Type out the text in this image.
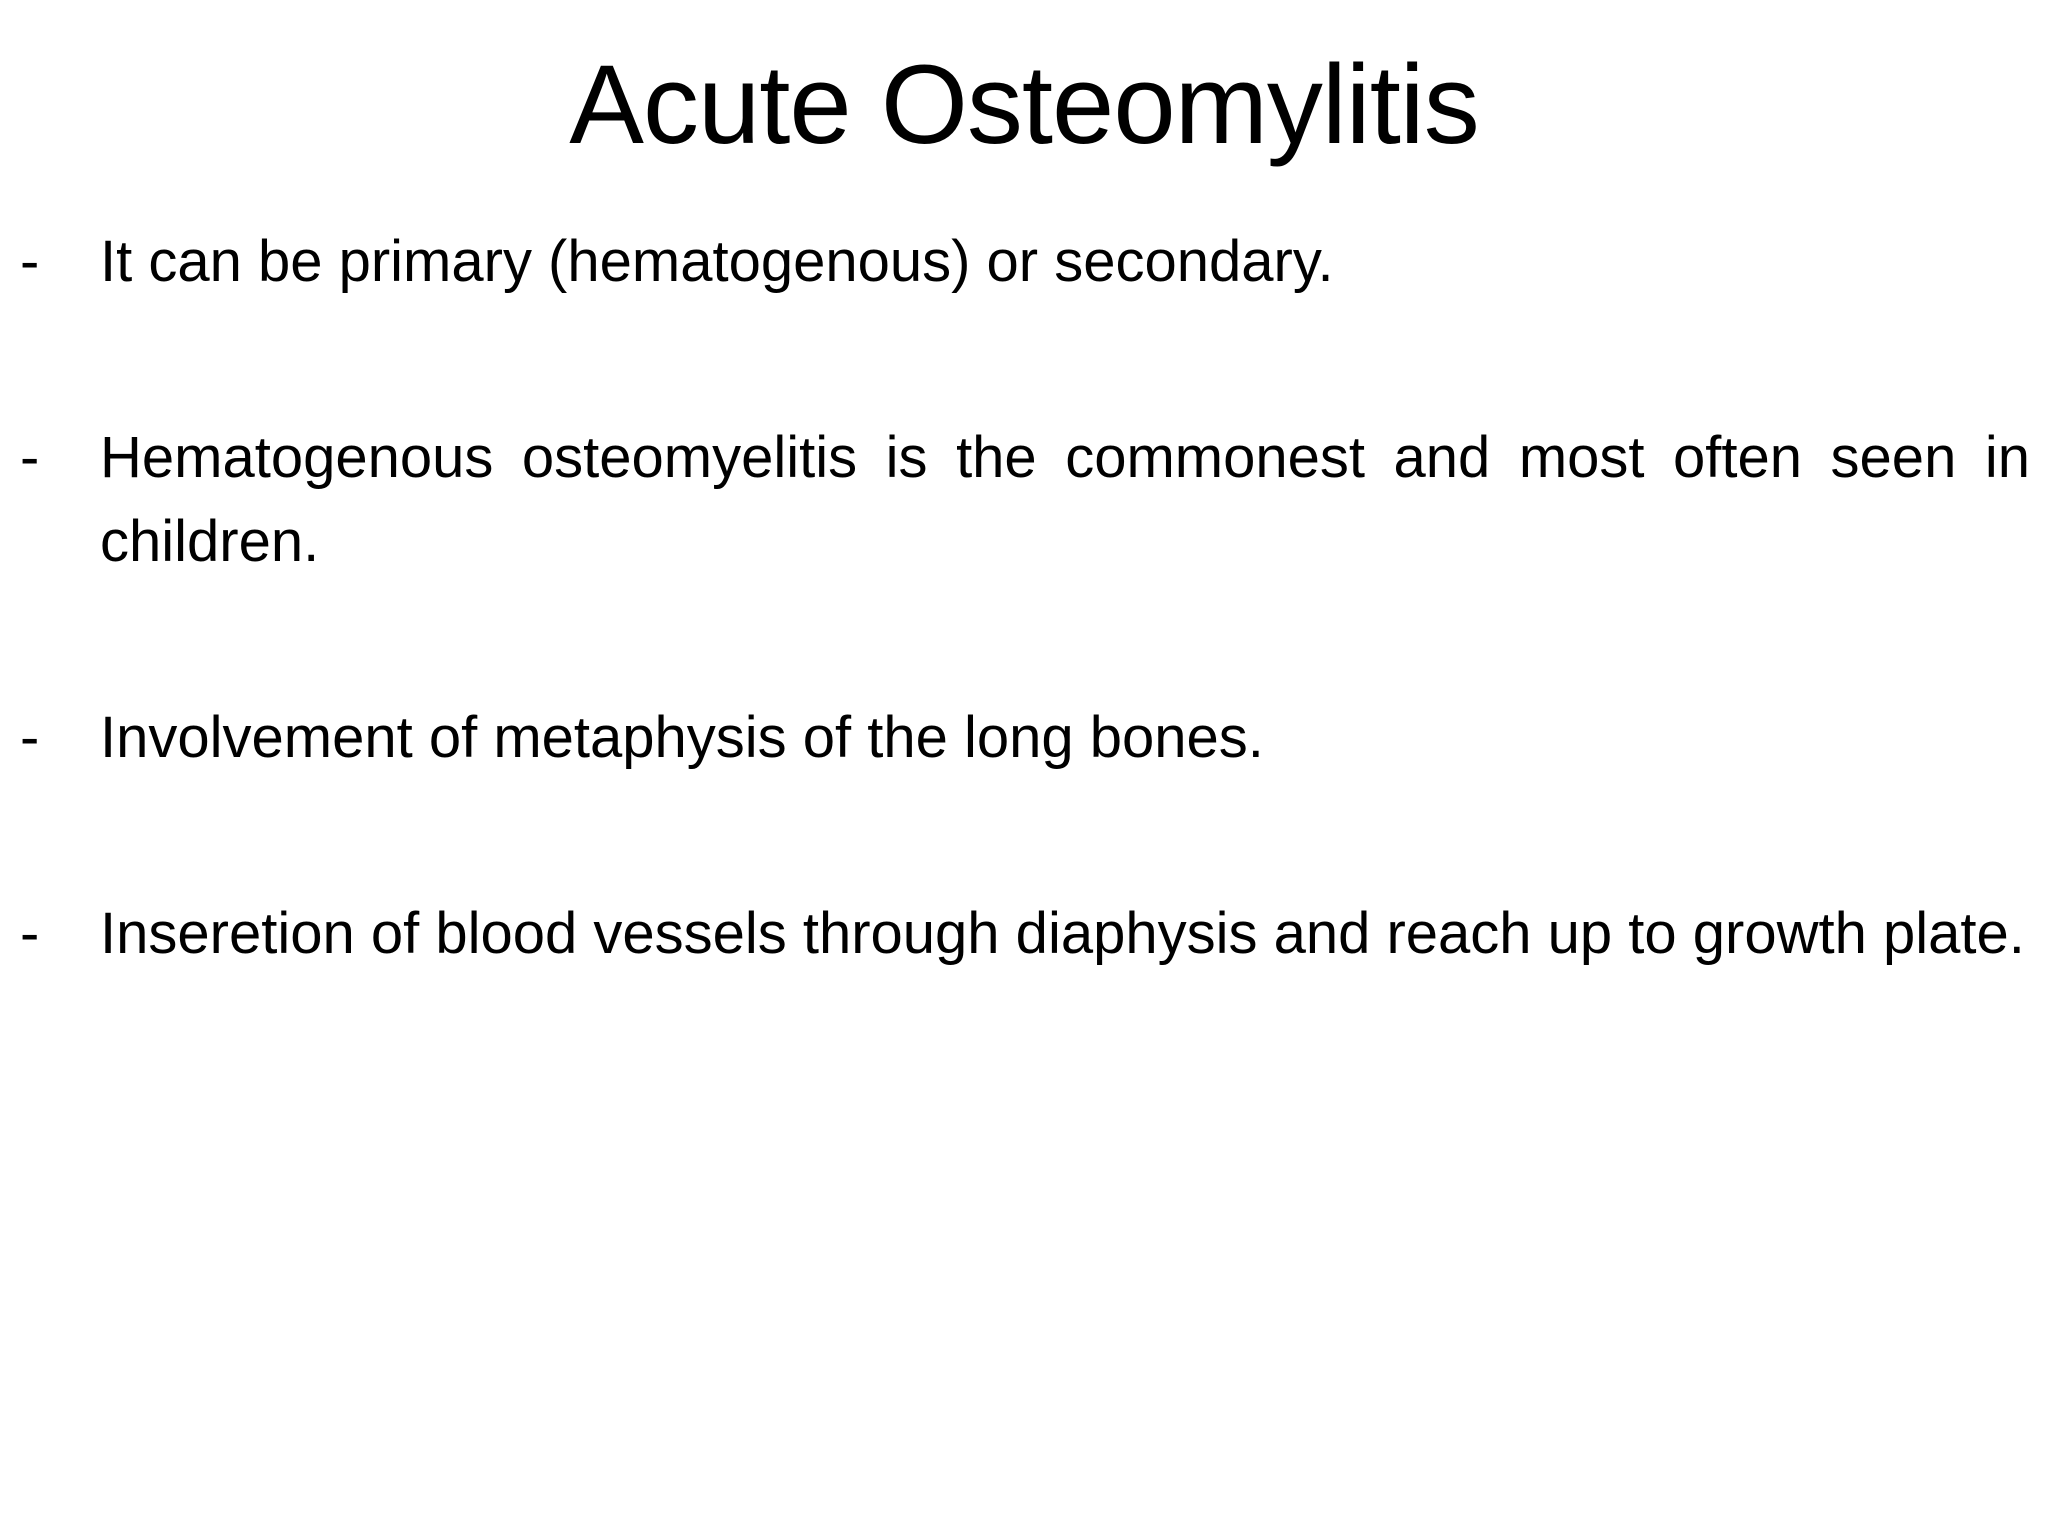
Acute Osteomylitis
-	It can be primary (hematogenous) or secondary.
-	Hematogenous osteomyelitis is the commonest and most often seen in children.
-	Involvement of metaphysis of the long bones.
-	Inseretion of blood vessels through diaphysis and reach up to growth plate.
